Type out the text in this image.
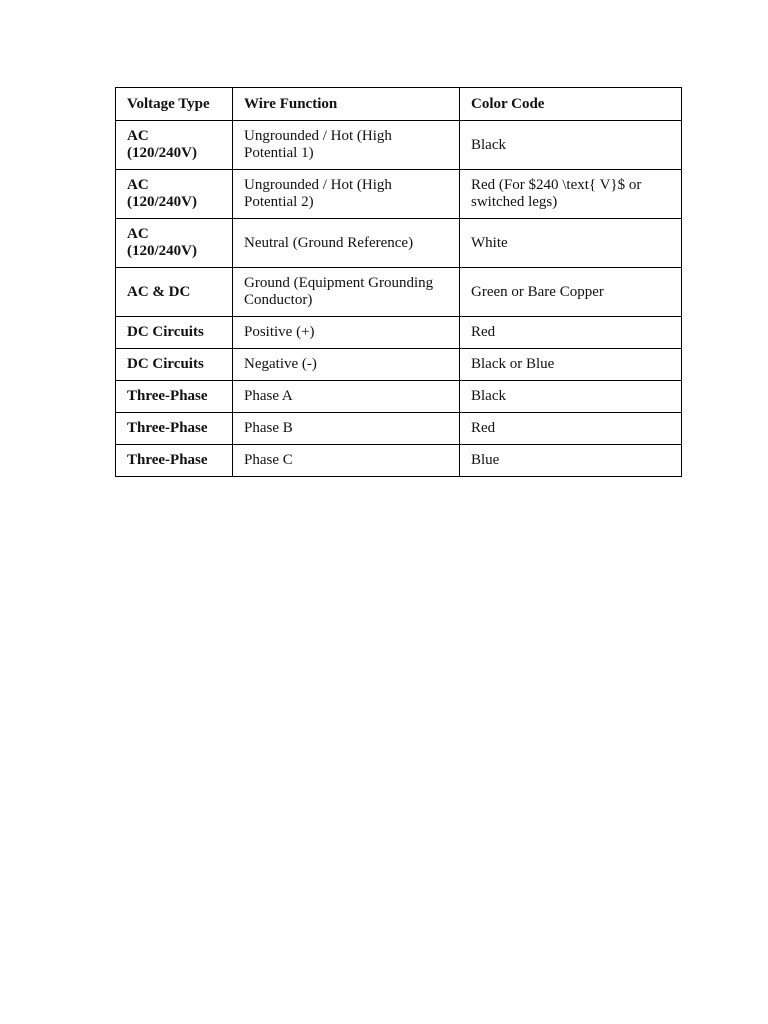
Voltage Type	Wire Function	Color Code
AC (120/240V)	Ungrounded / Hot (High Potential 1)	Black
AC (120/240V)	Ungrounded / Hot (High Potential 2)	Red (For $240 \text{ V}$ or switched legs)
AC (120/240V)	Neutral (Ground Reference)	White
AC & DC	Ground (Equipment Grounding Conductor)	Green or Bare Copper
DC Circuits	Positive (+)	Red
DC Circuits	Negative (-)	Black or Blue
Three-Phase	Phase A	Black
Three-Phase	Phase B	Red
Three-Phase	Phase C	Blue
